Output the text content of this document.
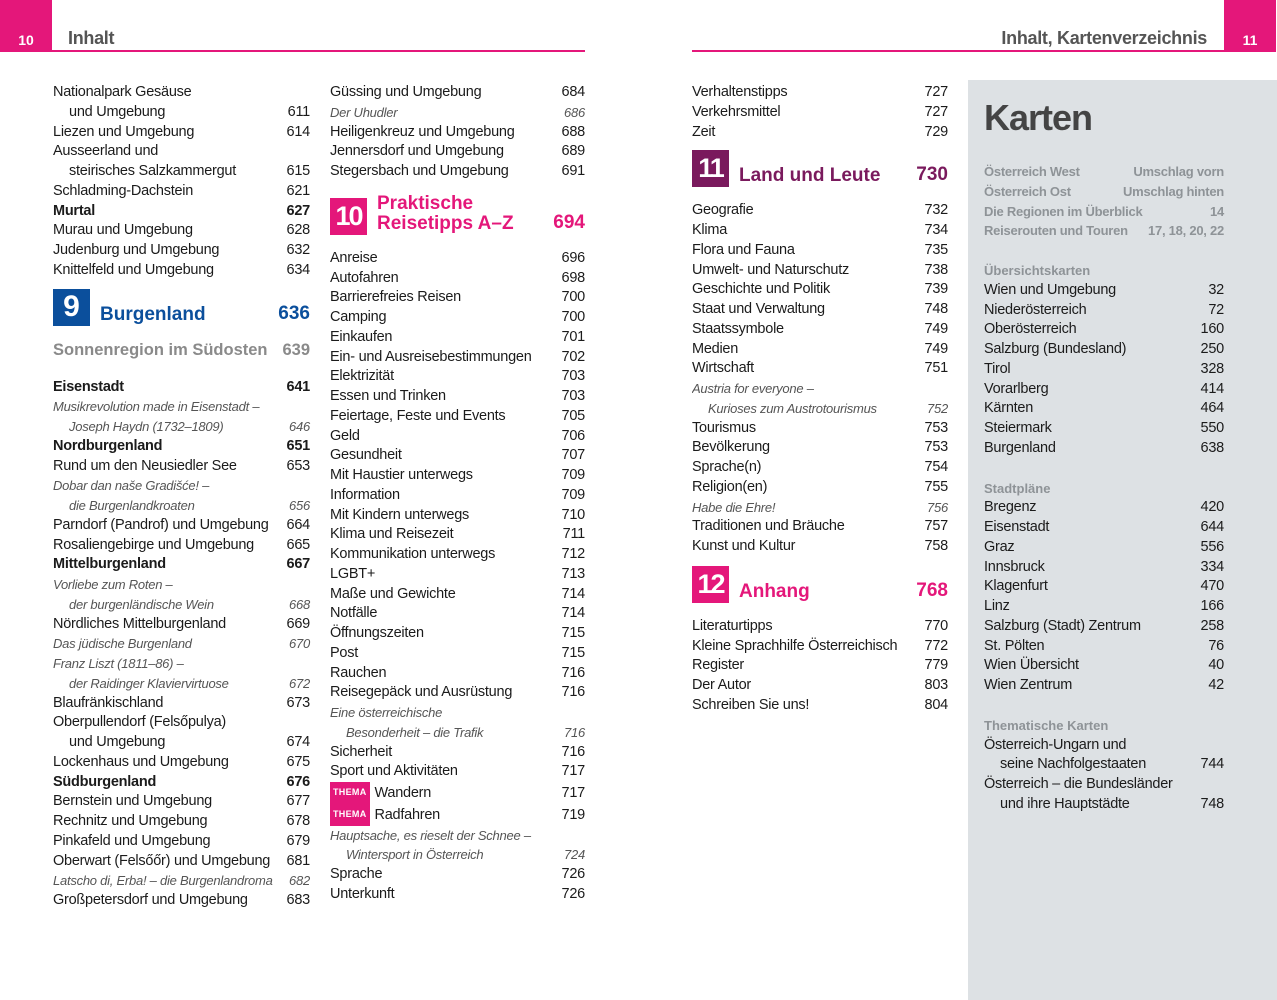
10	Inhalt	Inhalt, Kartenverzeichnis	11
Nationalpark Gesäuse
und Umgebung	611
Liezen und Umgebung	614
Ausseerland und
steirisches Salzkammergut	615
Schladming-Dachstein	621
Murtal	627
Murau und Umgebung	628
Judenburg und Umgebung	632
Knittelfeld und Umgebung	634
9	Burgenland	636
Sonnenregion im Südosten 639
Eisenstadt	641
Musikrevolution made in Eisenstadt –
Joseph Haydn (1732–1809)	646
Nordburgenland	651
Rund um den Neusiedler See	653
Dobar dan naše Gradišće! –
die Burgenlandkroaten	656
Parndorf (Pandrof) und Umgebung	664
Rosaliengebirge und Umgebung	665
Mittelburgenland	667
Vorliebe zum Roten –
der burgenländische Wein	668
Nördliches Mittelburgenland	669
Das jüdische Burgenland	670
Franz Liszt (1811–86) –
der Raidinger Klaviervirtuose	672
Blaufränkischland	673
Oberpullendorf (Felsőpulya)
und Umgebung	674
Lockenhaus und Umgebung	675
Südburgenland	676
Bernstein und Umgebung	677
Rechnitz und Umgebung	678
Pinkafeld und Umgebung	679
Oberwart (Felsőőr) und Umgebung	681
Latscho di, Erba! – die Burgenlandroma	682
Großpetersdorf und Umgebung	683
Güssing und Umgebung	684
Der Uhudler	686
Heiligenkreuz und Umgebung	688
Jennersdorf und Umgebung	689
Stegersbach und Umgebung	691
10 Praktische
Reisetipps A–Z	694
Anreise	696
Autofahren	698
Barrierefreies Reisen	700
Camping	700
Einkaufen	701
Ein- und Ausreisebestimmungen	702
Elektrizität	703
Essen und Trinken	703
Feiertage, Feste und Events	705
Geld	706
Gesundheit	707
Mit Haustier unterwegs	709
Information	709
Mit Kindern unterwegs	710
Klima und Reisezeit	711
Kommunikation unterwegs	712
LGBT+	713
Maße und Gewichte	714
Notfälle	714
Öffnungszeiten	715
Post	715
Rauchen	716
Reisegepäck und Ausrüstung	716
Eine österreichische
Besonderheit – die Trafik	716
Sicherheit	716
Sport und Aktivitäten	717
THEMA Wandern	717
THEMA Radfahren	719
Hauptsache, es rieselt der Schnee –
Wintersport in Österreich	724
Sprache	726
Unterkunft	726
Verhaltenstipps	727
Verkehrsmittel	727
Zeit	729
11 Land und Leute	730
Geografie	732
Klima	734
Flora und Fauna	735
Umwelt- und Naturschutz	738
Geschichte und Politik	739
Staat und Verwaltung	748
Staatssymbole	749
Medien	749
Wirtschaft	751
Austria for everyone –
Kurioses zum Austrotourismus	752
Tourismus	753
Bevölkerung	753
Sprache(n)	754
Religion(en)	755
Habe die Ehre!	756
Traditionen und Bräuche	757
Kunst und Kultur	758
12 Anhang	768
Literaturtipps	770
Kleine Sprachhilfe Österreichisch	772
Register	779
Der Autor	803
Schreiben Sie uns!	804
Karten
Österreich West	Umschlag vorn
Österreich Ost	Umschlag hinten
Die Regionen im Überblick	14
Reiserouten und Touren	17, 18, 20, 22
Übersichtskarten
Wien und Umgebung	32
Niederösterreich	72
Oberösterreich	160
Salzburg (Bundesland)	250
Tirol	328
Vorarlberg	414
Kärnten	464
Steiermark	550
Burgenland	638
Stadtpläne
Bregenz	420
Eisenstadt	644
Graz	556
Innsbruck	334
Klagenfurt	470
Linz	166
Salzburg (Stadt) Zentrum	258
St. Pölten	76
Wien Übersicht	40
Wien Zentrum	42
Thematische Karten
Österreich-Ungarn und
seine Nachfolgestaaten	744
Österreich – die Bundesländer
und ihre Hauptstädte	748
